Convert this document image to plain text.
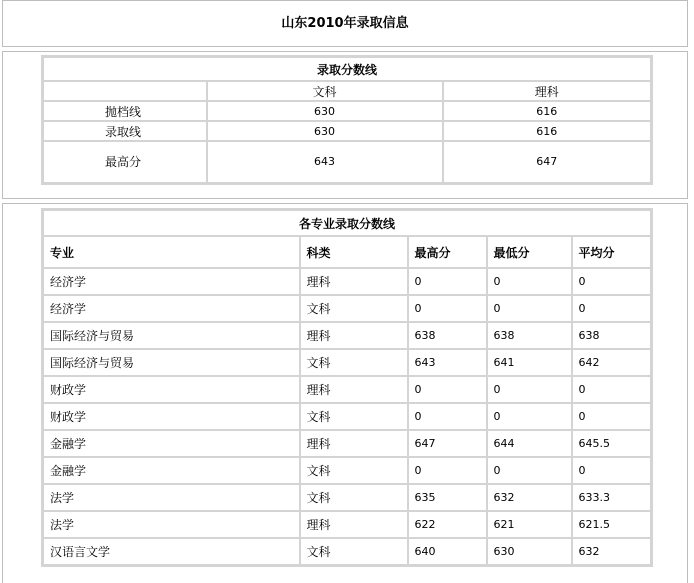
山东2010年录取信息
录取分数线		
	文科	理科
抛档线	630	616
录取线	630	616
最高分	643	647
各专业录取分数线				
专业	科类	最高分	最低分	平均分
经济学	理科	0	0	0
经济学	文科	0	0	0
国际经济与贸易	理科	638	638	638
国际经济与贸易	文科	643	641	642
财政学	理科	0	0	0
财政学	文科	0	0	0
金融学	理科	647	644	645.5
金融学	文科	0	0	0
法学	文科	635	632	633.3
法学	理科	622	621	621.5
汉语言文学	文科	640	630	632
